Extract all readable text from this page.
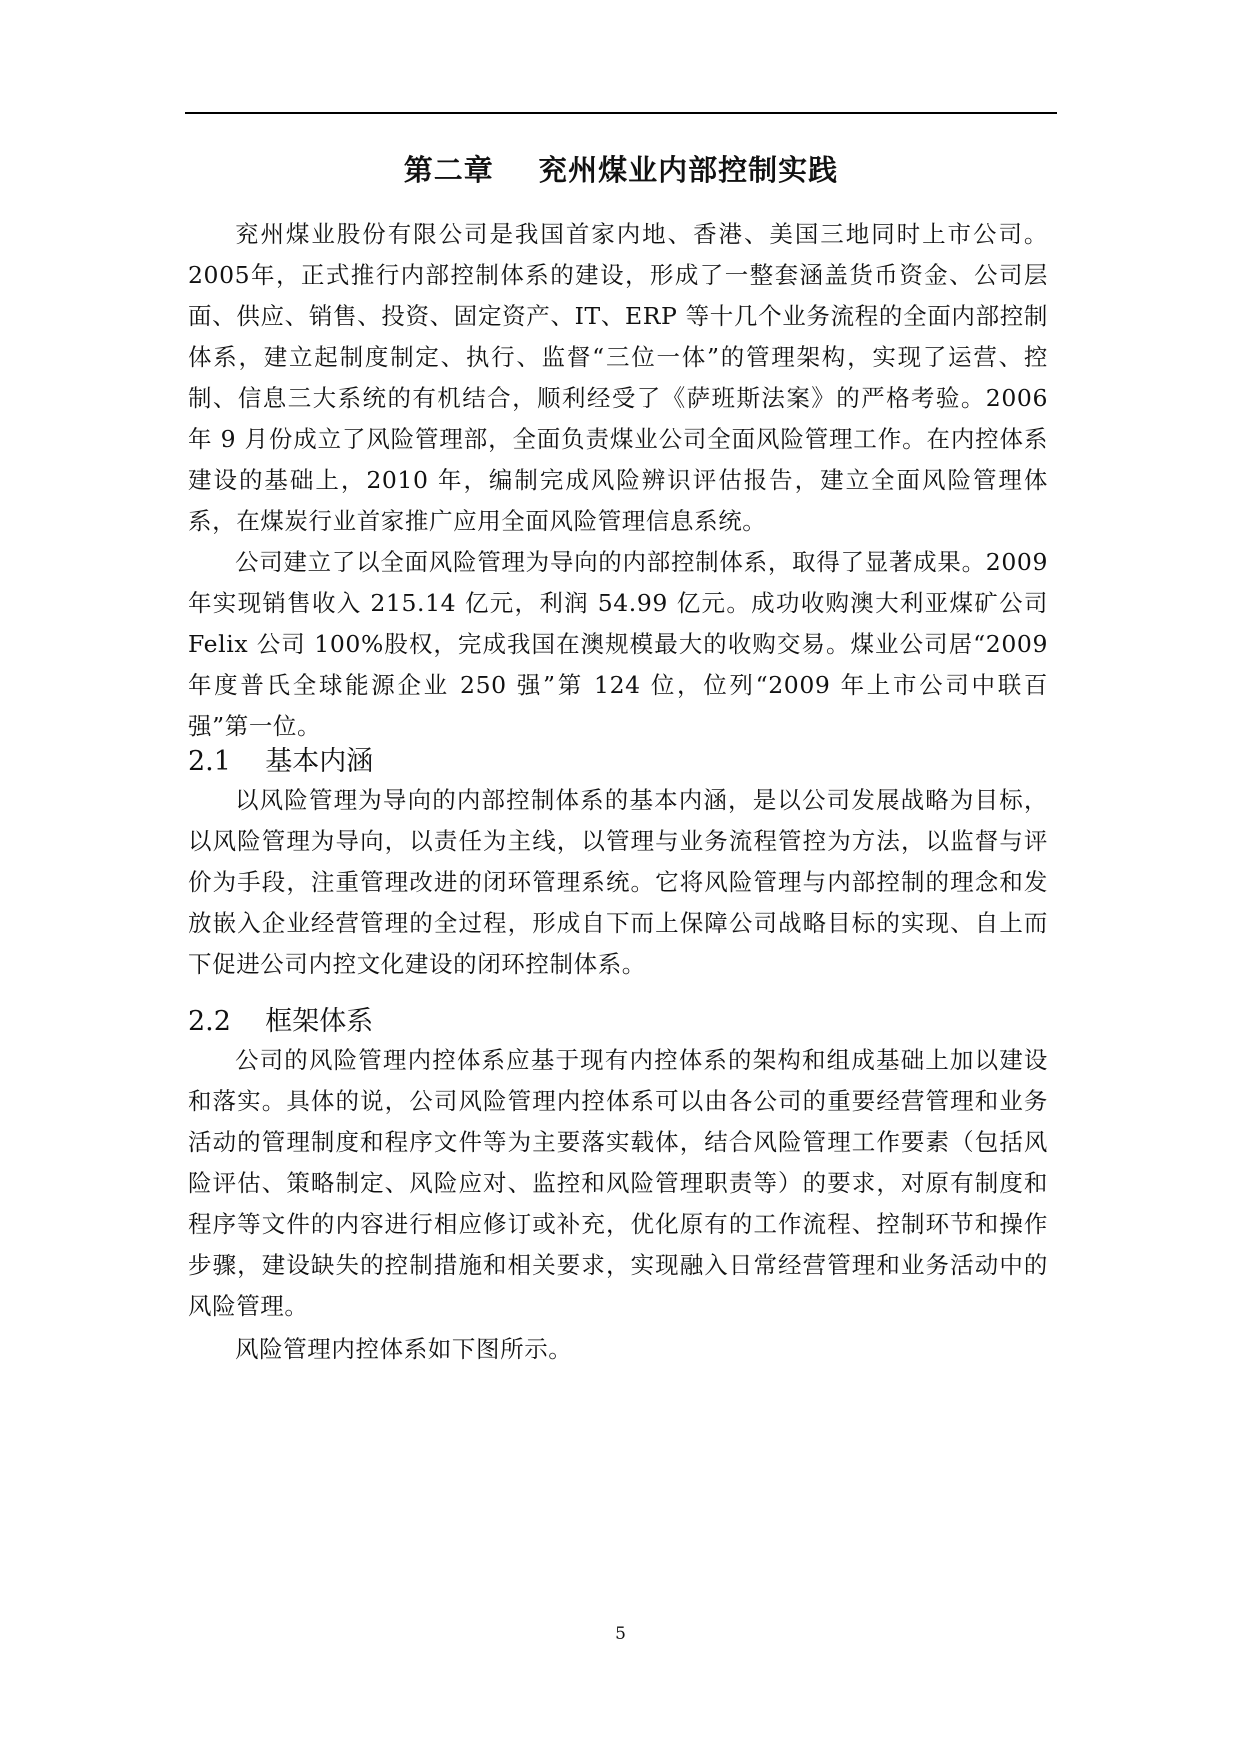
第二章    兖州煤业内部控制实践

兖州煤业股份有限公司是我国首家内地、香港、美国三地同时上市公司。2005年，正式推行内部控制体系的建设，形成了一整套涵盖货币资金、公司层面、供应、销售、投资、固定资产、IT、ERP 等十几个业务流程的全面内部控制体系，建立起制度制定、执行、监督“三位一体”的管理架构，实现了运营、控制、信息三大系统的有机结合，顺利经受了《萨班斯法案》的严格考验。2006 年 9 月份成立了风险管理部，全面负责煤业公司全面风险管理工作。在内控体系建设的基础上，2010 年，编制完成风险辨识评估报告，建立全面风险管理体系，在煤炭行业首家推广应用全面风险管理信息系统。

公司建立了以全面风险管理为导向的内部控制体系，取得了显著成果。2009年实现销售收入 215.14 亿元，利润 54.99 亿元。成功收购澳大利亚煤矿公司 Felix 公司 100%股权，完成我国在澳规模最大的收购交易。煤业公司居“2009年度普氏全球能源企业 250 强”第 124 位，位列“2009 年上市公司中联百强”第一位。

2.1    基本内涵

以风险管理为导向的内部控制体系的基本内涵，是以公司发展战略为目标，以风险管理为导向，以责任为主线，以管理与业务流程管控为方法，以监督与评价为手段，注重管理改进的闭环管理系统。它将风险管理与内部控制的理念和发放嵌入企业经营管理的全过程，形成自下而上保障公司战略目标的实现、自上而下促进公司内控文化建设的闭环控制体系。

2.2    框架体系

公司的风险管理内控体系应基于现有内控体系的架构和组成基础上加以建设和落实。具体的说，公司风险管理内控体系可以由各公司的重要经营管理和业务活动的管理制度和程序文件等为主要落实载体，结合风险管理工作要素（包括风险评估、策略制定、风险应对、监控和风险管理职责等）的要求，对原有制度和程序等文件的内容进行相应修订或补充，优化原有的工作流程、控制环节和操作步骤，建设缺失的控制措施和相关要求，实现融入日常经营管理和业务活动中的风险管理。

风险管理内控体系如下图所示。

5
